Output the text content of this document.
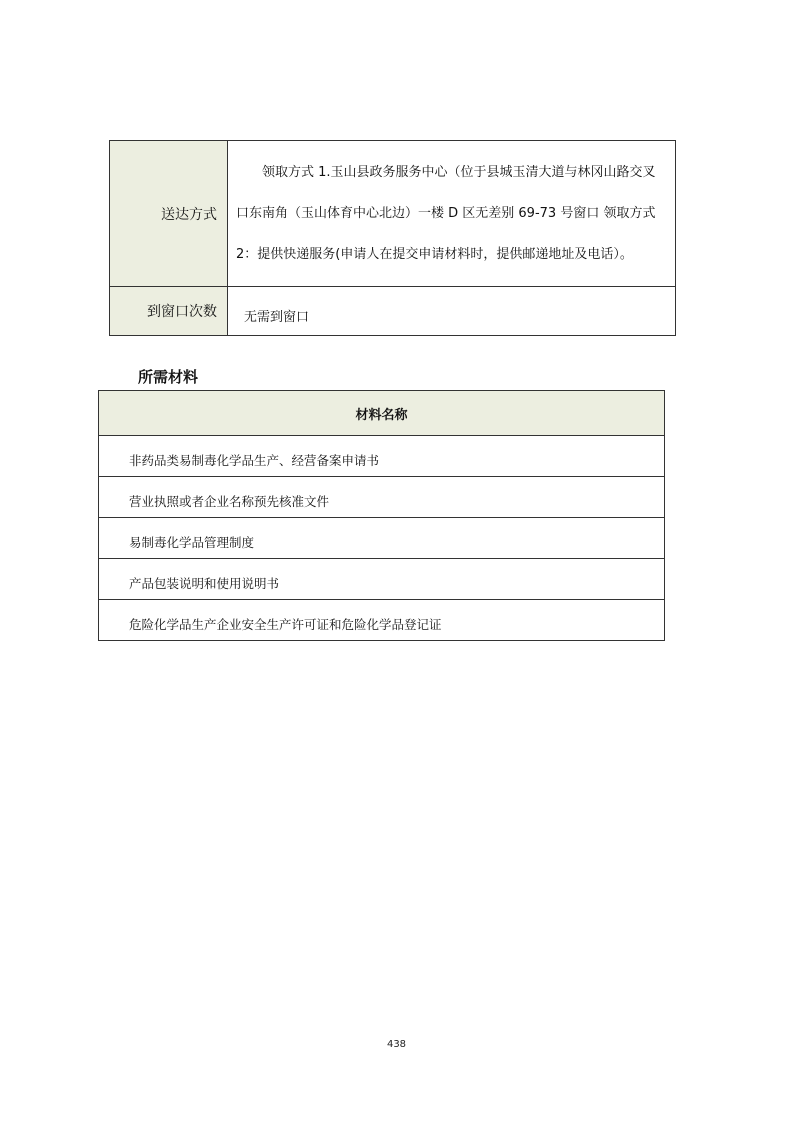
送达方式	领取方式 1.玉山县政务服务中心（位于县城玉清大道与林冈山路交叉口东南角（玉山体育中心北边）一楼 D 区无差别 69-73 号窗口 领取方式 2：提供快递服务(申请人在提交申请材料时，提供邮递地址及电话）。
到窗口次数	无需到窗口
所需材料
材料名称
非药品类易制毒化学品生产、经营备案申请书
营业执照或者企业名称预先核准文件
易制毒化学品管理制度
产品包装说明和使用说明书
危险化学品生产企业安全生产许可证和危险化学品登记证
438
